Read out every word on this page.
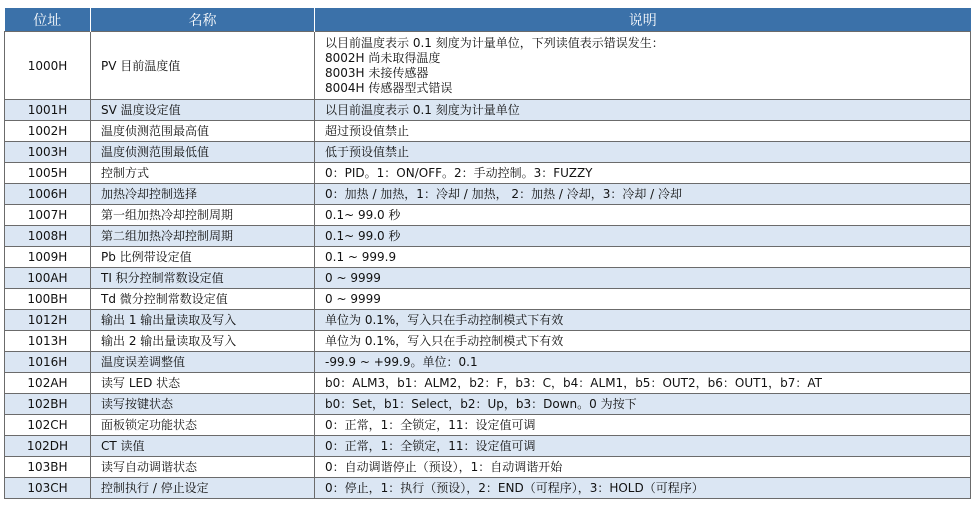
位址	名称	说明
1000H	PV 目前温度值	以目前温度表示 0.1 刻度为计量单位，下列读值表示错误发生：
8002H 尚未取得温度
8003H 未接传感器
8004H 传感器型式错误

1001H	SV 温度设定值	以目前温度表示 0.1 刻度为计量单位

1002H	温度侦测范围最高值	超过预设值禁止

1003H	温度侦测范围最低值	低于预设值禁止

1005H	控制方式	0：PID。1：ON/OFF。2：手动控制。3：FUZZY

1006H	加热冷却控制选择	0：加热 / 加热，1：冷却 / 加热， 2：加热 / 冷却，3：冷却 / 冷却

1007H	第一组加热冷却控制周期	0.1~ 99.0 秒

1008H	第二组加热冷却控制周期	0.1~ 99.0 秒

1009H	Pb 比例带设定值	0.1 ~ 999.9

100AH	TI 积分控制常数设定值	0 ~ 9999

100BH	Td 微分控制常数设定值	0 ~ 9999

1012H	输出 1 输出量读取及写入	单位为 0.1%，写入只在手动控制模式下有效

1013H	输出 2 输出量读取及写入	单位为 0.1%，写入只在手动控制模式下有效

1016H	温度误差调整值	-99.9 ~ +99.9。单位：0.1

102AH	读写 LED 状态	b0：ALM3，b1：ALM2，b2：F，b3：C，b4：ALM1，b5：OUT2，b6：OUT1，b7：AT

102BH	读写按键状态	b0：Set，b1：Select，b2：Up，b3：Down。0 为按下

102CH	面板锁定功能状态	0：正常，1：全锁定，11：设定值可调

102DH	CT 读值	0：正常，1：全锁定，11：设定值可调

103BH	读写自动调谐状态	0：自动调谐停止（预设），1：自动调谐开始

103CH	控制执行 / 停止设定	0：停止，1：执行（预设），2：END（可程序），3：HOLD（可程序）
